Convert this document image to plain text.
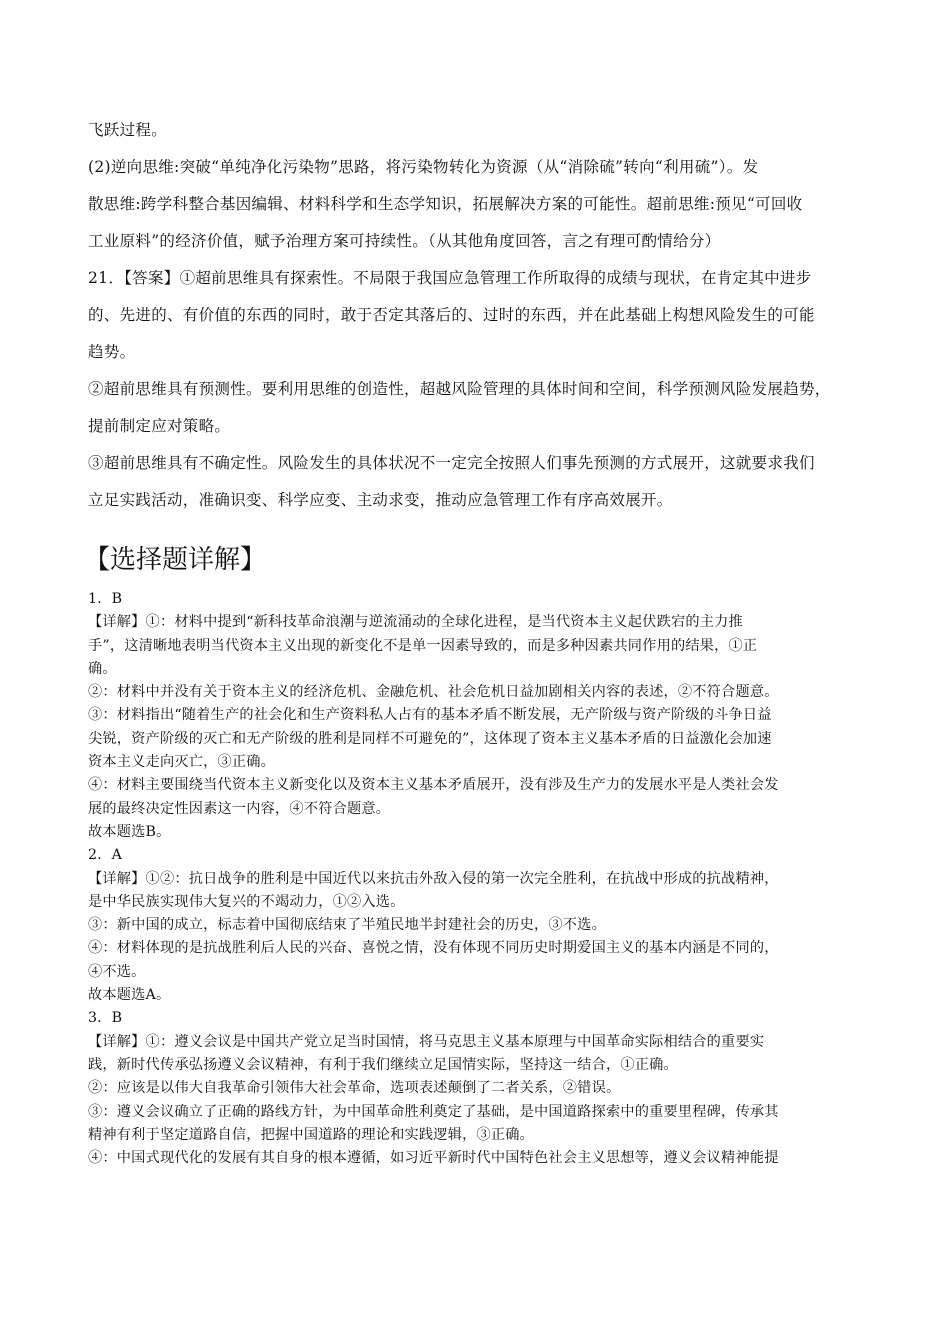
飞跃过程。

(2)逆向思维:突破“单纯净化污染物”思路，将污染物转化为资源（从“消除硫”转向“利用硫”）。发

散思维:跨学科整合基因编辑、材料科学和生态学知识，拓展解决方案的可能性。超前思维:预见“可回收

工业原料”的经济价值，赋予治理方案可持续性。（从其他角度回答，言之有理可酌情给分）

21．【答案】①超前思维具有探索性。不局限于我国应急管理工作所取得的成绩与现状，在肯定其中进步

的、先进的、有价值的东西的同时，敢于否定其落后的、过时的东西，并在此基础上构想风险发生的可能

趋势。

②超前思维具有预测性。要利用思维的创造性，超越风险管理的具体时间和空间，科学预测风险发展趋势，

提前制定应对策略。

③超前思维具有不确定性。风险发生的具体状况不一定完全按照人们事先预测的方式展开，这就要求我们

立足实践活动，准确识变、科学应变、主动求变，推动应急管理工作有序高效展开。

【选择题详解】

1．B

【详解】①：材料中提到“新科技革命浪潮与逆流涌动的全球化进程，是当代资本主义起伏跌宕的主力推

手”，这清晰地表明当代资本主义出现的新变化不是单一因素导致的，而是多种因素共同作用的结果，①正

确。

②：材料中并没有关于资本主义的经济危机、金融危机、社会危机日益加剧相关内容的表述，②不符合题意。

③：材料指出“随着生产的社会化和生产资料私人占有的基本矛盾不断发展，无产阶级与资产阶级的斗争日益

尖锐，资产阶级的灭亡和无产阶级的胜利是同样不可避免的”，这体现了资本主义基本矛盾的日益激化会加速

资本主义走向灭亡，③正确。

④：材料主要围绕当代资本主义新变化以及资本主义基本矛盾展开，没有涉及生产力的发展水平是人类社会发

展的最终决定性因素这一内容，④不符合题意。

故本题选B。

2．A

【详解】①②：抗日战争的胜利是中国近代以来抗击外敌入侵的第一次完全胜利，在抗战中形成的抗战精神，

是中华民族实现伟大复兴的不竭动力，①②入选。

③：新中国的成立，标志着中国彻底结束了半殖民地半封建社会的历史，③不选。

④：材料体现的是抗战胜利后人民的兴奋、喜悦之情，没有体现不同历史时期爱国主义的基本内涵是不同的，

④不选。

故本题选A。

3．B

【详解】①：遵义会议是中国共产党立足当时国情，将马克思主义基本原理与中国革命实际相结合的重要实

践，新时代传承弘扬遵义会议精神，有利于我们继续立足国情实际，坚持这一结合，①正确。

②：应该是以伟大自我革命引领伟大社会革命，选项表述颠倒了二者关系，②错误。

③：遵义会议确立了正确的路线方针，为中国革命胜利奠定了基础，是中国道路探索中的重要里程碑，传承其

精神有利于坚定道路自信，把握中国道路的理论和实践逻辑，③正确。

④：中国式现代化的发展有其自身的根本遵循，如习近平新时代中国特色社会主义思想等，遵义会议精神能提
